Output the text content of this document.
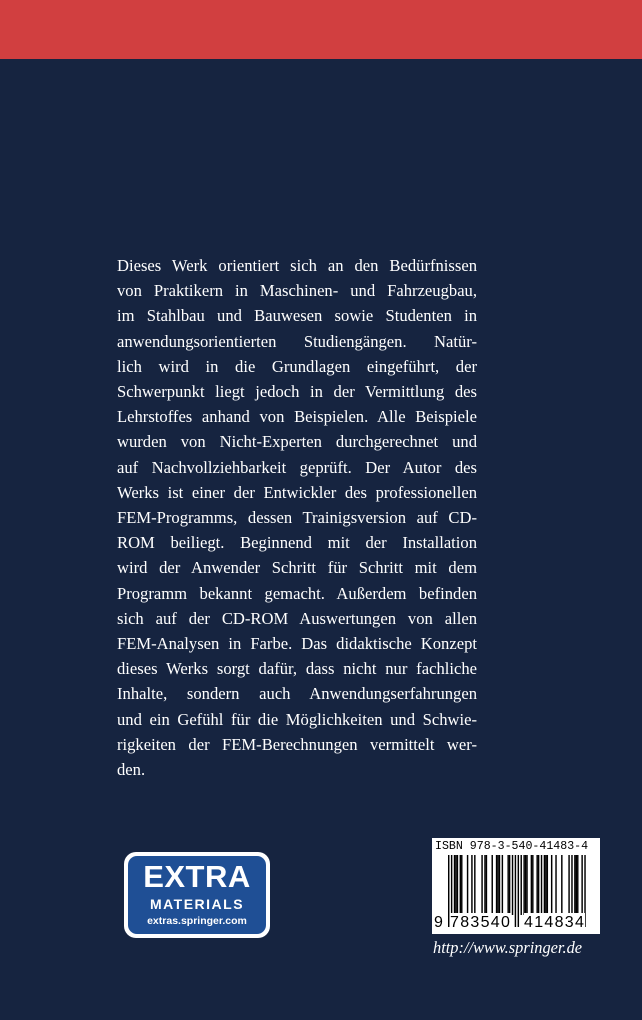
Dieses Werk orientiert sich an den Bedürfnissen
von Praktikern in Maschinen- und Fahrzeugbau,
im Stahlbau und Bauwesen sowie Studenten in
anwendungsorientierten Studiengängen. Natür-
lich wird in die Grundlagen eingeführt, der
Schwerpunkt liegt jedoch in der Vermittlung des
Lehrstoffes anhand von Beispielen. Alle Beispiele
wurden von Nicht-Experten durchgerechnet und
auf Nachvollziehbarkeit geprüft. Der Autor des
Werks ist einer der Entwickler des professionellen
FEM-Programms, dessen Trainigsversion auf CD-
ROM beiliegt. Beginnend mit der Installation
wird der Anwender Schritt für Schritt mit dem
Programm bekannt gemacht. Außerdem befinden
sich auf der CD-ROM Auswertungen von allen
FEM-Analysen in Farbe. Das didaktische Konzept
dieses Werks sorgt dafür, dass nicht nur fachliche
Inhalte, sondern auch Anwendungserfahrungen
und ein Gefühl für die Möglichkeiten und Schwie-
rigkeiten der FEM-Berechnungen vermittelt wer-
den.
EXTRA
MATERIALS
extras.springer.com
ISBN 978-3-540-41483-4
9 783540 414834
http://www.springer.de
